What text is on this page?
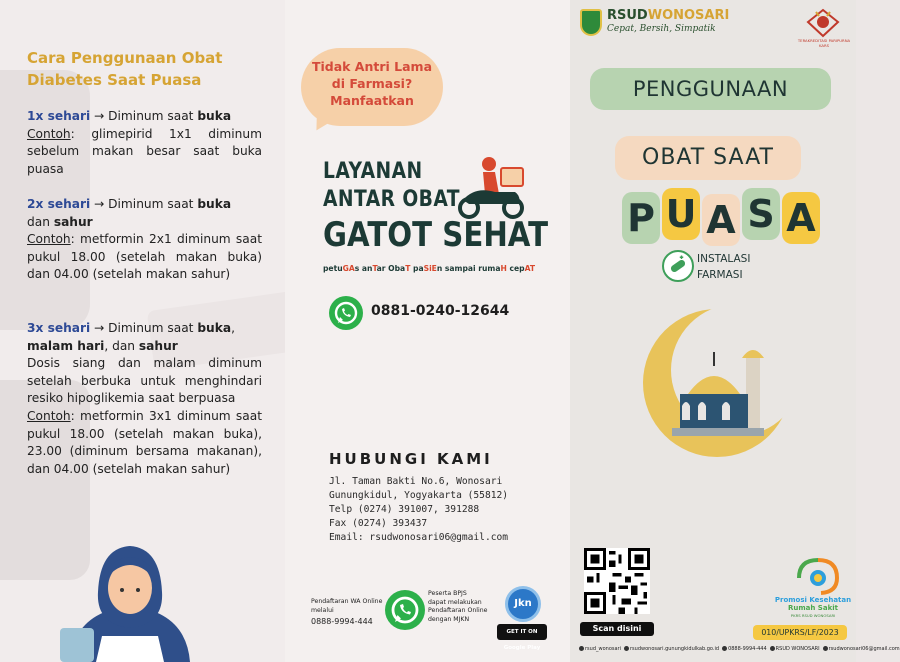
Cara Penggunaan Obat
Diabetes Saat Puasa
1x sehari → Diminum saat buka
Contoh: glimepirid 1x1 diminum sebelum makan besar saat buka puasa
2x sehari → Diminum saat buka
dan sahur
Contoh: metformin 2x1 diminum saat pukul 18.00 (setelah makan buka) dan 04.00 (setelah makan sahur)
3x sehari → Diminum saat buka,
malam hari, dan sahur
Dosis siang dan malam diminum setelah berbuka untuk menghindari resiko hipoglikemia saat berpuasa
Contoh: metformin 3x1 diminum saat pukul 18.00 (setelah makan buka), 23.00 (diminum bersama makanan), dan 04.00 (setelah makan sahur)
Tidak Antri Lama
di Farmasi?
Manfaatkan
LAYANAN
ANTAR OBAT
GATOT SEHAT
petuGAs anTar ObaT paSiEn sampai rumaH cepAT
0881-0240-12644
HUBUNGI KAMI
Jl. Taman Bakti No.6, Wonosari
Gunungkidul, Yogyakarta (55812)
Telp (0274) 391007, 391288
Fax (0274) 393437
Email: rsudwonosari06@gmail.com
Pendaftaran WA Online
melalui
0888-9994-444
Peserta BPJS
dapat melakukan
Pendaftaran Online
dengan MJKN
Jkn
GET IT ON Google Play
RSUDWONOSARI
Cepat, Bersih, Simpatik
TERAKREDITASI PARIPURNA KARS
PENGGUNAAN
OBAT SAAT
P U A S A
INSTALASI
FARMASI
Scan disini
Promosi Kesehatan
Rumah Sakit
PKRS RSUD WONOSARI
010/UPKRS/LF/2023
rsud_wonosari rsudwonosari.gunungkidulkab.go.id 0888-9994-444 RSUD WONOSARI rsudwonosari06@gmail.com
